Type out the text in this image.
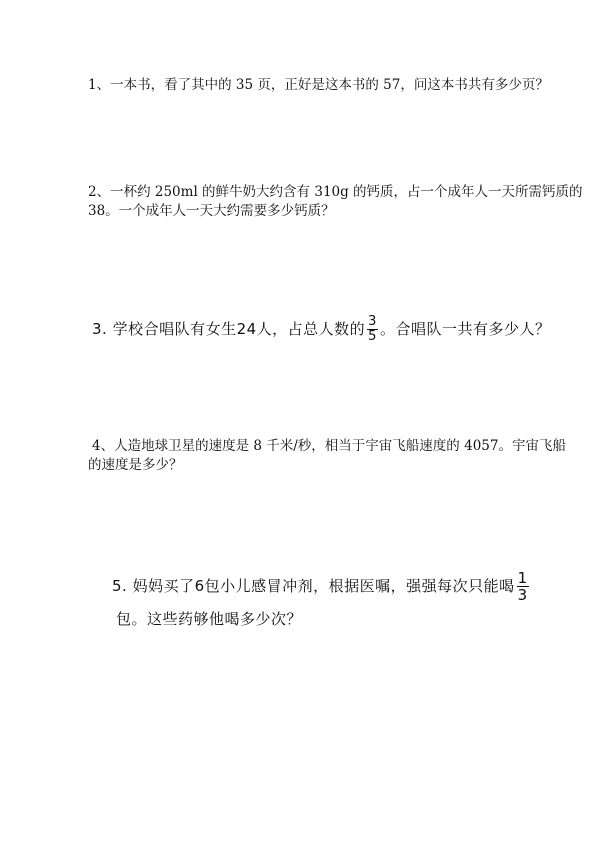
1、一本书，看了其中的 35 页，正好是这本书的 57，问这本书共有多少页？
2、一杯约 250ml 的鲜牛奶大约含有 310g 的钙质，占一个成年人一天所需钙质的
38。一个成年人一天大约需要多少钙质？
3. 学校合唱队有女生24人，占总人数的 $\frac{3}{5}$ 。合唱队一共有多少人？
4、人造地球卫星的速度是 8 千米/秒，相当于宇宙飞船速度的 4057。宇宙飞船
的速度是多少？
5. 妈妈买了6包小儿感冒冲剂，根据医嘱，强强每次只能喝 $\frac{1}{3}$
包。这些药够他喝多少次？
